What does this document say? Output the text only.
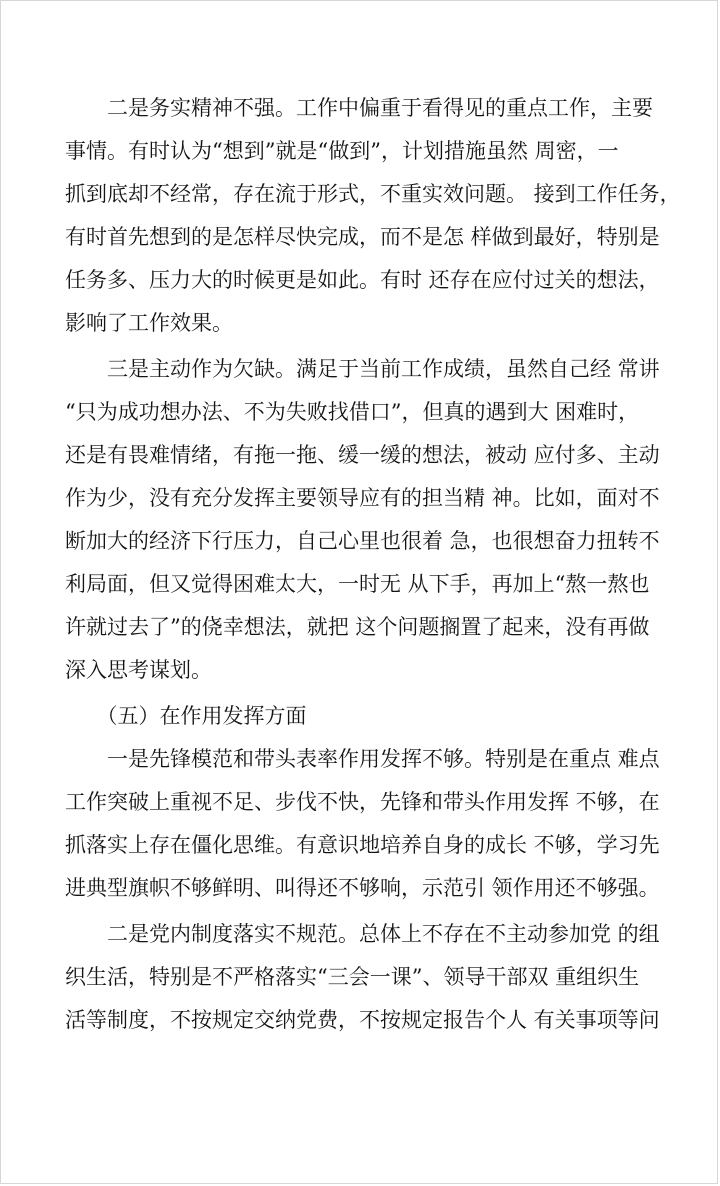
　　二是务实精神不强。工作中偏重于看得见的重点工作，主要
事情。有时认为“想到”就是“做到”，计划措施虽然 周密，一
抓到底却不经常，存在流于形式，不重实效问题。 接到工作任务，
有时首先想到的是怎样尽快完成，而不是怎 样做到最好，特别是
任务多、压力大的时候更是如此。有时 还存在应付过关的想法，
影响了工作效果。
　　三是主动作为欠缺。满足于当前工作成绩，虽然自己经 常讲
“只为成功想办法、不为失败找借口”，但真的遇到大 困难时，
还是有畏难情绪，有拖一拖、缓一缓的想法，被动 应付多、主动
作为少，没有充分发挥主要领导应有的担当精 神。比如，面对不
断加大的经济下行压力，自己心里也很着 急，也很想奋力扭转不
利局面，但又觉得困难太大，一时无 从下手，再加上“熬一熬也
许就过去了”的侥幸想法，就把 这个问题搁置了起来，没有再做
深入思考谋划。
　　（五）在作用发挥方面
　　一是先锋模范和带头表率作用发挥不够。特别是在重点 难点
工作突破上重视不足、步伐不快，先锋和带头作用发挥 不够，在
抓落实上存在僵化思维。有意识地培养自身的成长 不够，学习先
进典型旗帜不够鲜明、叫得还不够响，示范引 领作用还不够强。
　　二是党内制度落实不规范。总体上不存在不主动参加党 的组
织生活，特别是不严格落实“三会一课”、领导干部双 重组织生
活等制度，不按规定交纳党费，不按规定报告个人 有关事项等问
